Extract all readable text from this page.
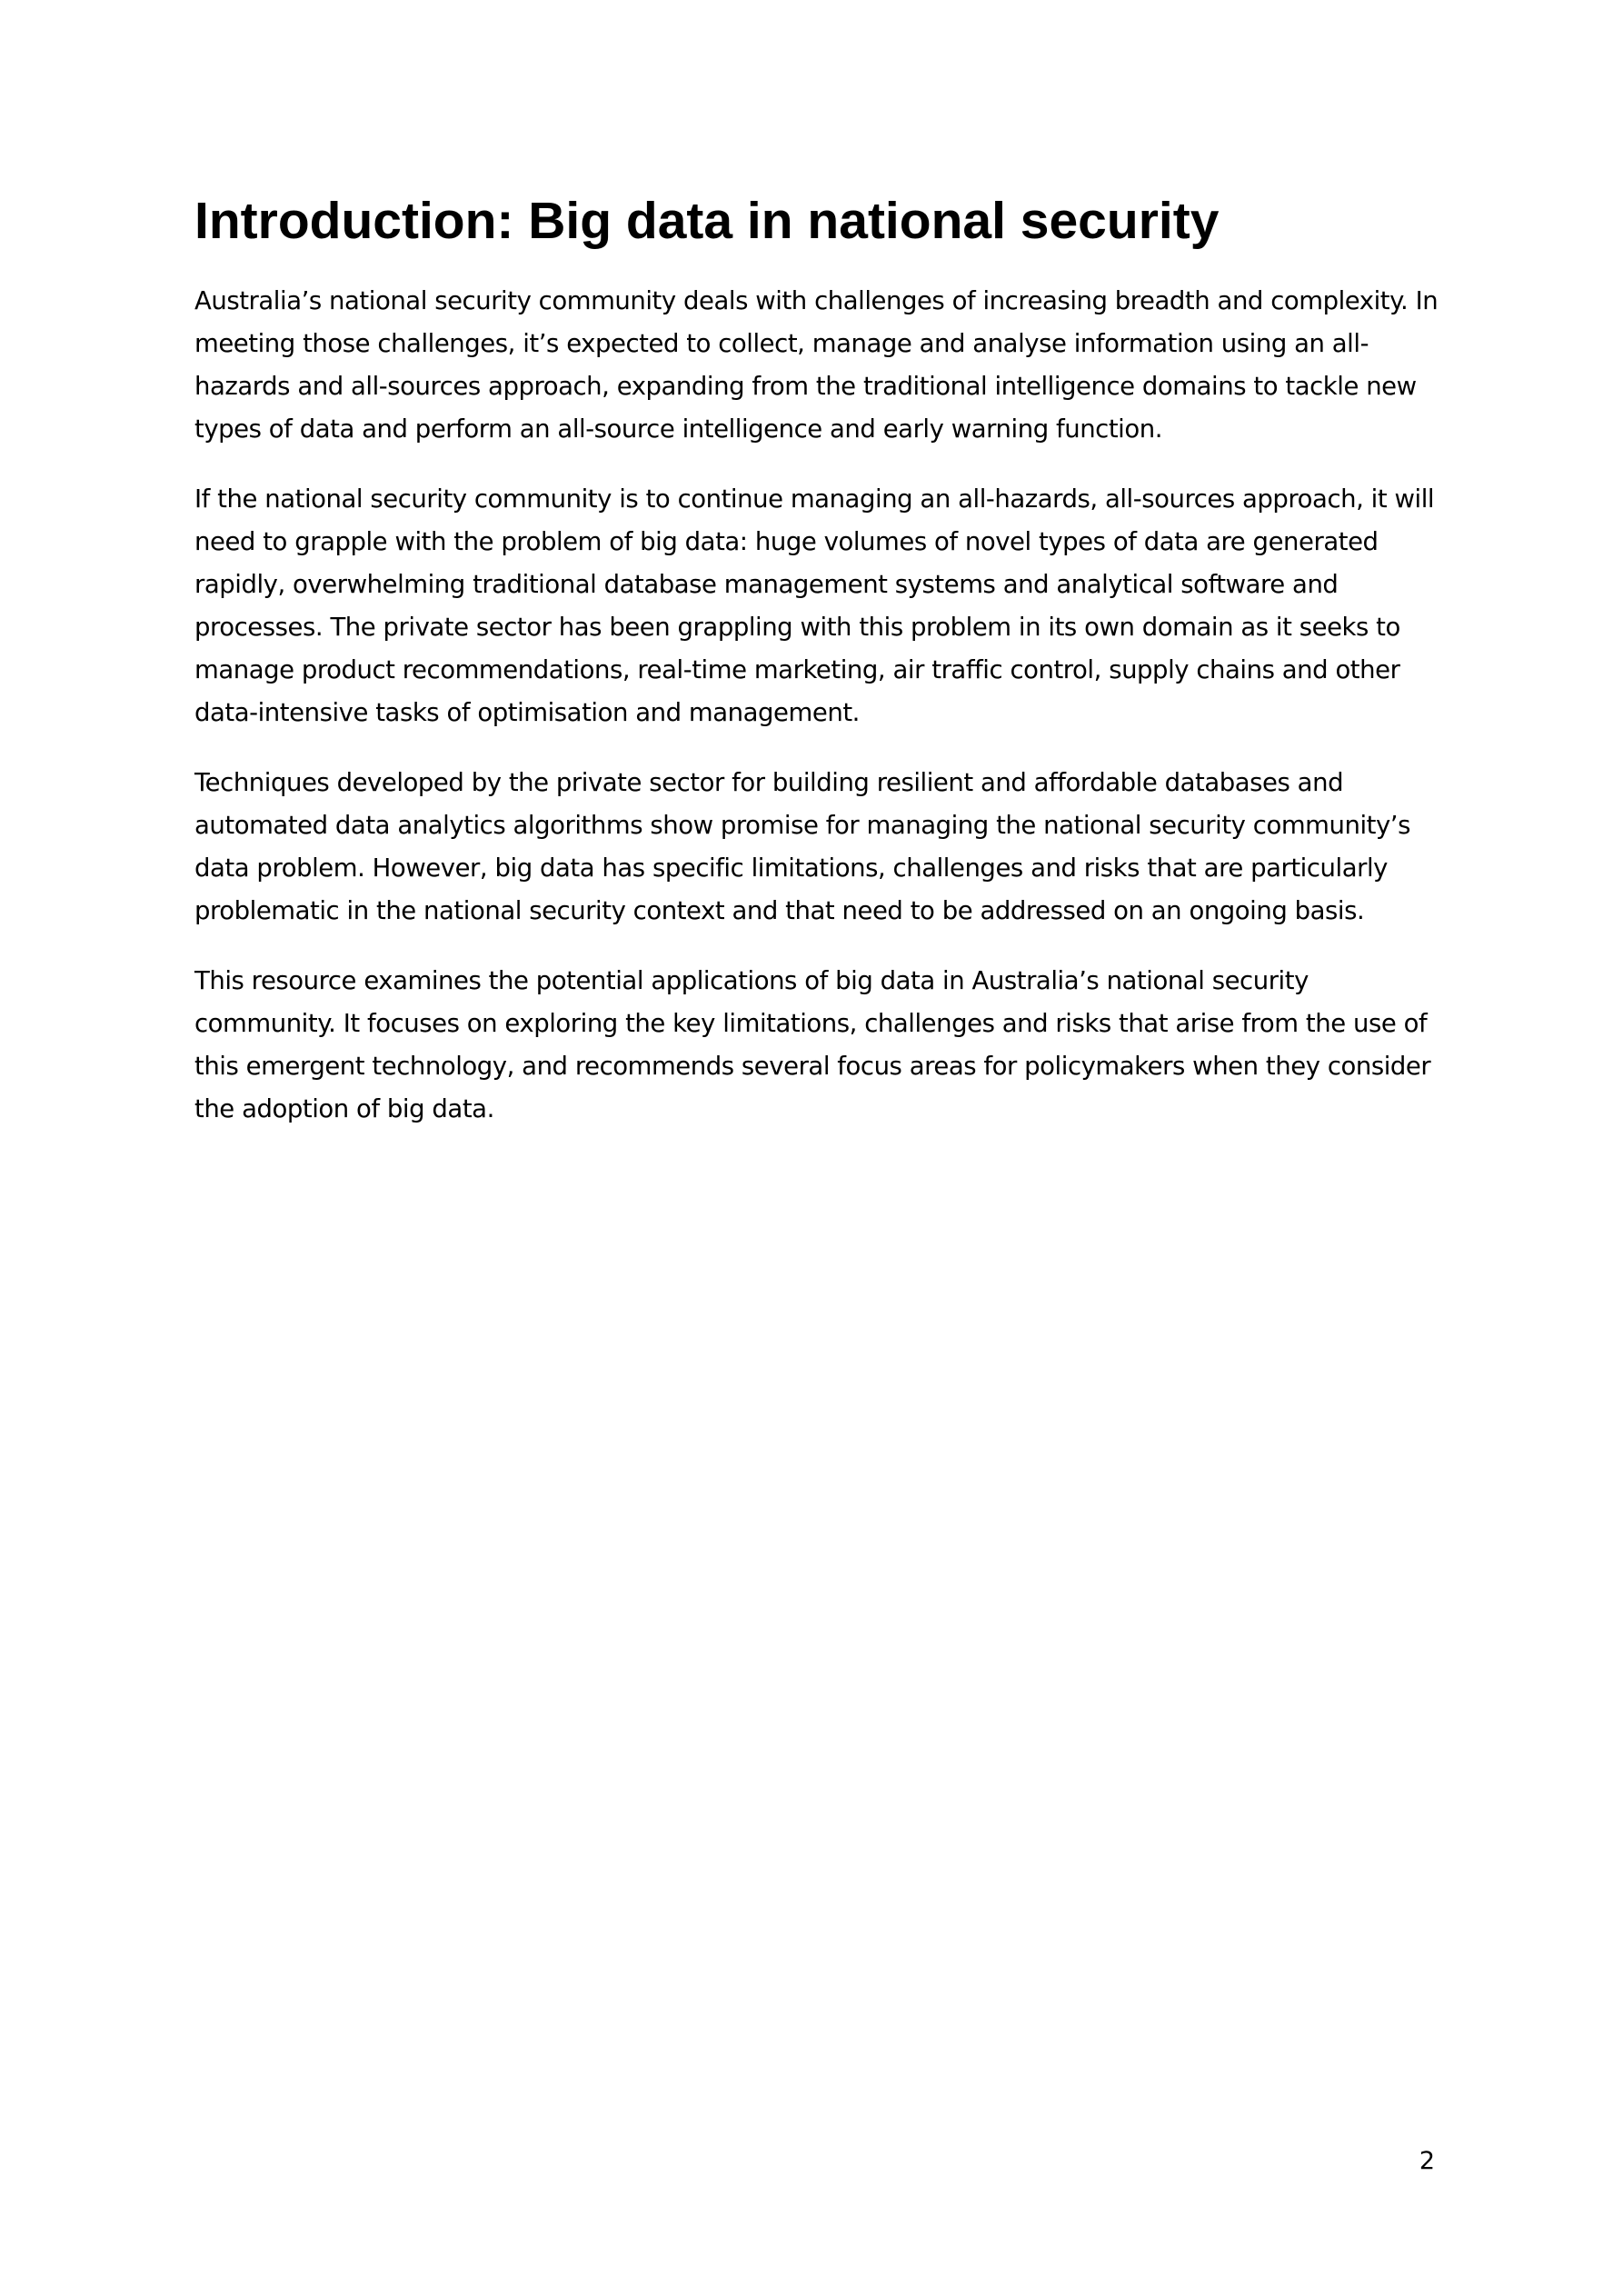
Introduction: Big data in national security

Australia’s national security community deals with challenges of increasing breadth and complexity. In meeting those challenges, it’s expected to collect, manage and analyse information using an all-hazards and all-sources approach, expanding from the traditional intelligence domains to tackle new types of data and perform an all-source intelligence and early warning function.

If the national security community is to continue managing an all-hazards, all-sources approach, it will need to grapple with the problem of big data: huge volumes of novel types of data are generated rapidly, overwhelming traditional database management systems and analytical software and processes. The private sector has been grappling with this problem in its own domain as it seeks to manage product recommendations, real-time marketing, air traffic control, supply chains and other data-intensive tasks of optimisation and management.

Techniques developed by the private sector for building resilient and affordable databases and automated data analytics algorithms show promise for managing the national security community’s data problem. However, big data has specific limitations, challenges and risks that are particularly problematic in the national security context and that need to be addressed on an ongoing basis.

This resource examines the potential applications of big data in Australia’s national security community. It focuses on exploring the key limitations, challenges and risks that arise from the use of this emergent technology, and recommends several focus areas for policymakers when they consider the adoption of big data.

2
